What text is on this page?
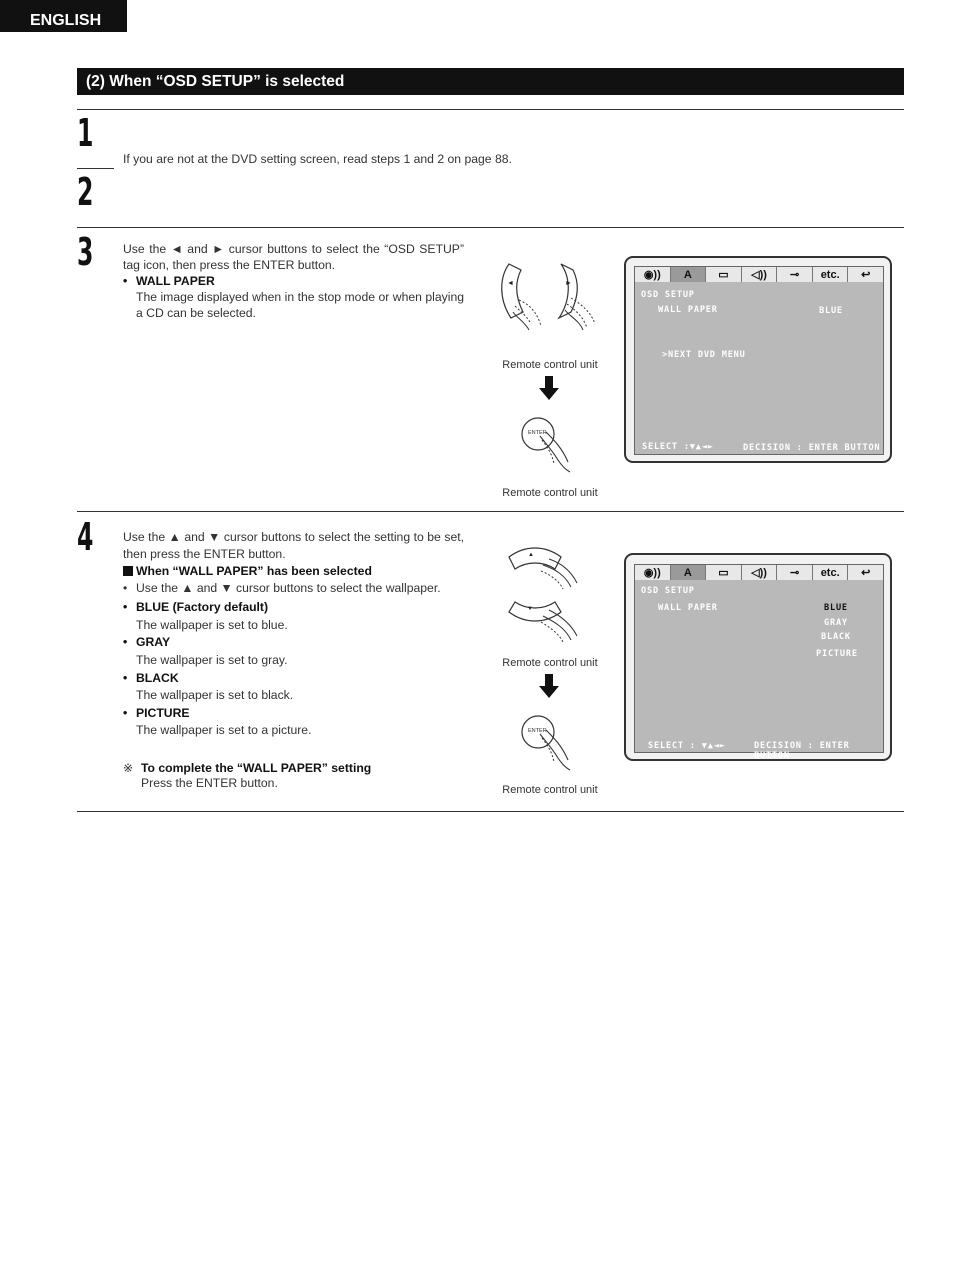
ENGLISH
(2) When “OSD SETUP” is selected
1
2
If you are not at the DVD setting screen, read steps 1 and 2 on page 88.
3 Use the ◄ and ► cursor buttons to select the “OSD SETUP” tag icon, then press the ENTER button.
• WALL PAPER
The image displayed when in the stop mode or when playing a CD can be selected.
◄	►
Remote control unit
ENTER
Remote control unit
◉))	A	▭	◁))	⊸	etc.	↩
OSD SETUP
WALL PAPER	BLUE
>NEXT DVD MENU
SELECT :▼▲◄►	DECISION : ENTER BUTTON
4 Use the ▲ and ▼ cursor buttons to select the setting to be set, then press the ENTER button.
When “WALL PAPER” has been selected
• Use the ▲ and ▼ cursor buttons to select the wallpaper.
• BLUE (Factory default)
The wallpaper is set to blue.
• GRAY
The wallpaper is set to gray.
• BLACK
The wallpaper is set to black.
• PICTURE
The wallpaper is set to a picture.
※ To complete the “WALL PAPER” setting
Press the ENTER button.
▲
▼
Remote control unit
ENTER
Remote control unit
◉))	A	▭	◁))	⊸	etc.	↩
OSD SETUP
WALL PAPER	BLUE
GRAY
BLACK
PICTURE
SELECT : ▼▲◄►	DECISION : ENTER BUTTON
